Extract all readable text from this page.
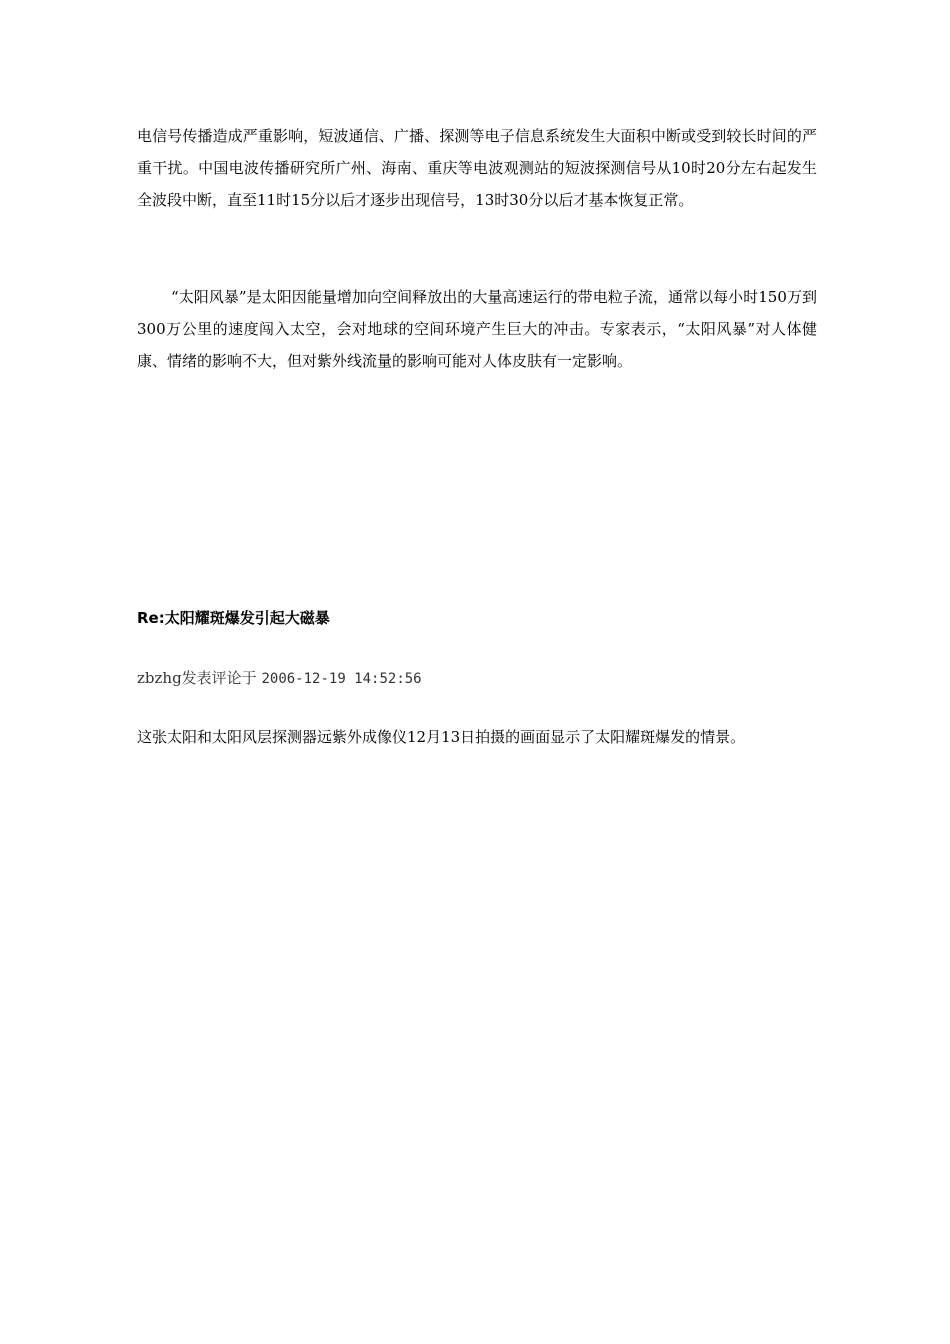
电信号传播造成严重影响，短波通信、广播、探测等电子信息系统发生大面积中断或受到较长时间的严重干扰。中国电波传播研究所广州、海南、重庆等电波观测站的短波探测信号从10时20分左右起发生全波段中断，直至11时15分以后才逐步出现信号，13时30分以后才基本恢复正常。

“太阳风暴”是太阳因能量增加向空间释放出的大量高速运行的带电粒子流，通常以每小时150万到300万公里的速度闯入太空，会对地球的空间环境产生巨大的冲击。专家表示，“太阳风暴”对人体健康、情绪的影响不大，但对紫外线流量的影响可能对人体皮肤有一定影响。

Re:太阳耀斑爆发引起大磁暴
zbzhg发表评论于 2006-12-19 14:52:56

这张太阳和太阳风层探测器远紫外成像仪12月13日拍摄的画面显示了太阳耀斑爆发的情景。
